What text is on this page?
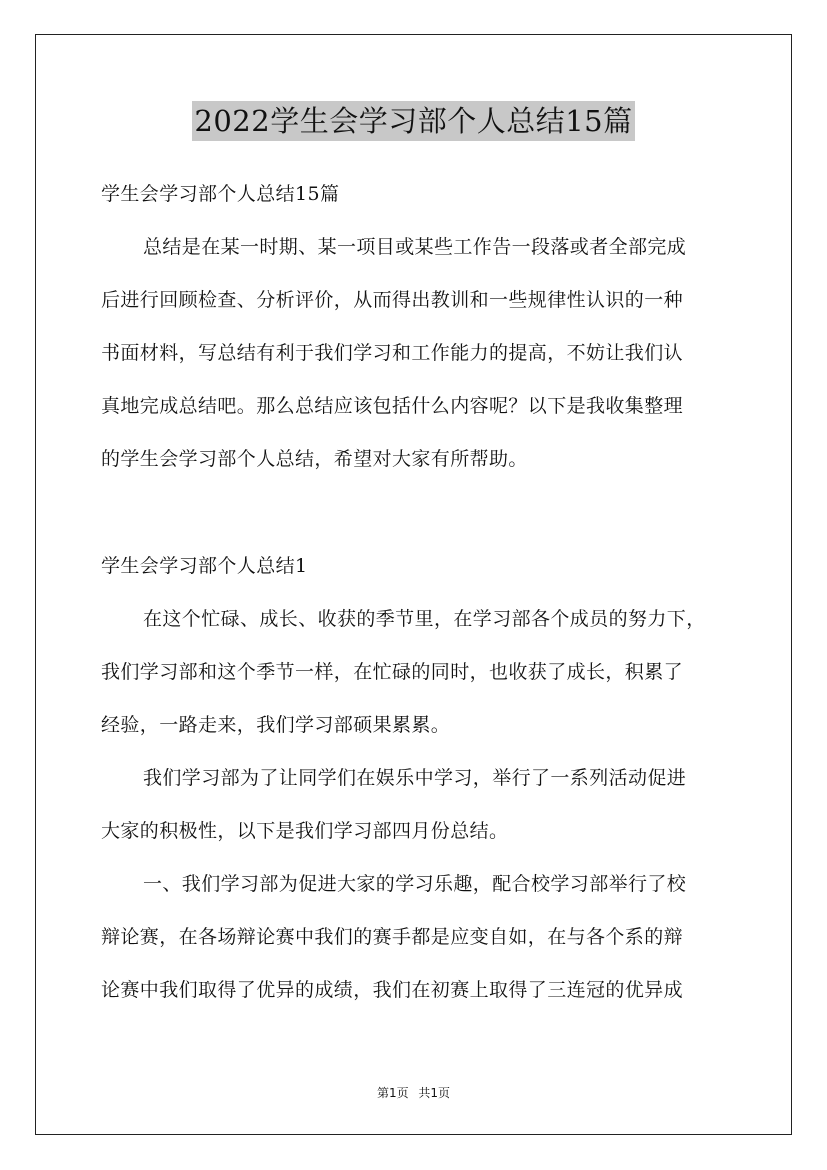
2022学生会学习部个人总结15篇
学生会学习部个人总结15篇
总结是在某一时期、某一项目或某些工作告一段落或者全部完成
后进行回顾检查、分析评价，从而得出教训和一些规律性认识的一种
书面材料，写总结有利于我们学习和工作能力的提高，不妨让我们认
真地完成总结吧。那么总结应该包括什么内容呢？以下是我收集整理
的学生会学习部个人总结，希望对大家有所帮助。
学生会学习部个人总结1
在这个忙碌、成长、收获的季节里，在学习部各个成员的努力下，
我们学习部和这个季节一样，在忙碌的同时，也收获了成长，积累了
经验，一路走来，我们学习部硕果累累。
我们学习部为了让同学们在娱乐中学习，举行了一系列活动促进
大家的积极性，以下是我们学习部四月份总结。
一、我们学习部为促进大家的学习乐趣，配合校学习部举行了校
辩论赛，在各场辩论赛中我们的赛手都是应变自如，在与各个系的辩
论赛中我们取得了优异的成绩，我们在初赛上取得了三连冠的优异成
第1页 共1页
